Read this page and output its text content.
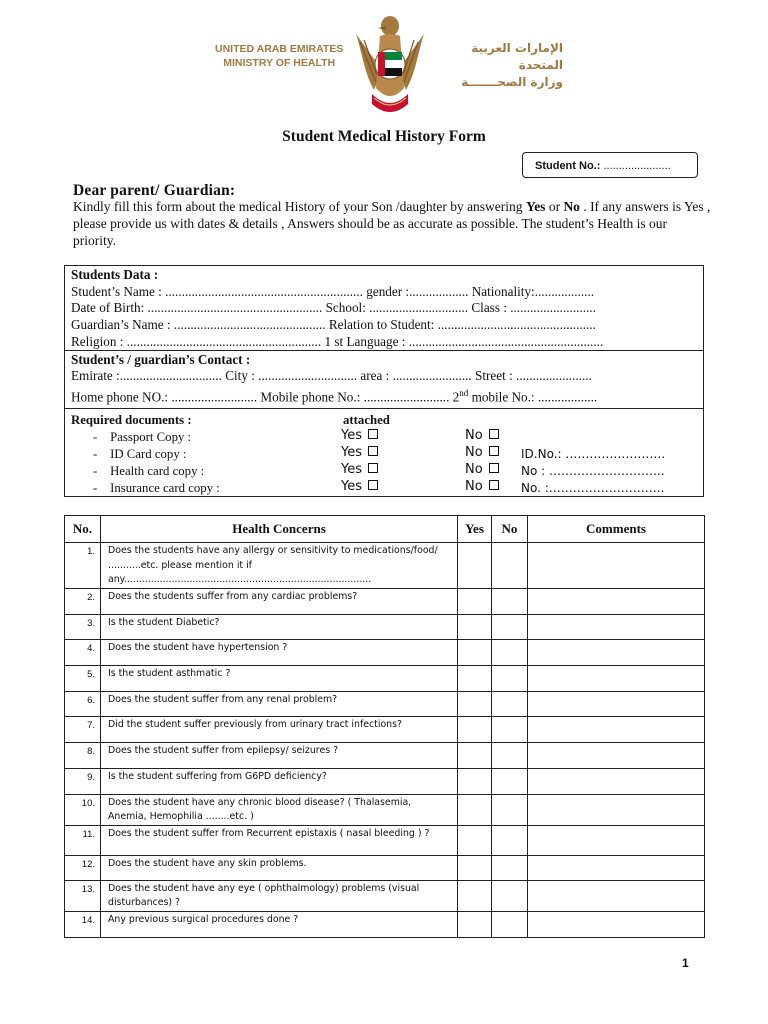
UNITED ARAB EMIRATES
MINISTRY OF HEALTH
الإمارات العربية المتحدة
وزارة الصحـــــــة
Student Medical History Form
Student No.: ......................
Dear parent/ Guardian:
Kindly fill this form about the medical History of your Son /daughter by answering Yes or No . If any answers is Yes , please provide us with dates & details , Answers should be as accurate as possible. The student’s Health is our priority.
Students Data :
Student’s Name : ............................................................ gender :.................. Nationality:..................
Date of Birth: ..................................................... School: .............................. Class : ..........................
Guardian’s Name : .............................................. Relation to Student: ................................................
Religion : ........................................................... 1 st Language : ...........................................................
Student’s / guardian’s Contact :
Emirate :............................... City : .............................. area : ........................ Street : .......................
Home phone NO.: .......................... Mobile phone No.: .......................... 2nd mobile No.: ..................
Required documents :	attached
-    Passport Copy :	Yes	No
-    ID Card copy :	Yes	No	ID.No.: …………………….
-    Health card copy :	Yes	No	No : ………………………..
-    Insurance card copy :	Yes	No	No. :………………………..
No.	Health Concerns	Yes	No	Comments
1.	Does the students have any allergy or sensitivity to medications/food/ ...........etc. please mention it if any...................................................................................			
2.	Does the students suffer from any cardiac problems?			
3.	Is the student Diabetic?			
4.	Does the student have hypertension ?			
5.	Is the student asthmatic ?			
6.	Does the student suffer from any renal problem?			
7.	Did the student suffer previously from urinary tract infections?			
8.	Does the student suffer from epilepsy/ seizures ?			
9.	Is the student suffering from G6PD deficiency?			
10.	Does the student have any chronic blood disease? ( Thalasemia, Anemia, Hemophilia ........etc. )			
11.	Does the student suffer from Recurrent epistaxis ( nasal bleeding ) ?			
12.	Does the student have any skin problems.			
13.	Does the student have any eye ( ophthalmology) problems (visual disturbances) ?			
14.	Any previous surgical procedures done ?			
1
